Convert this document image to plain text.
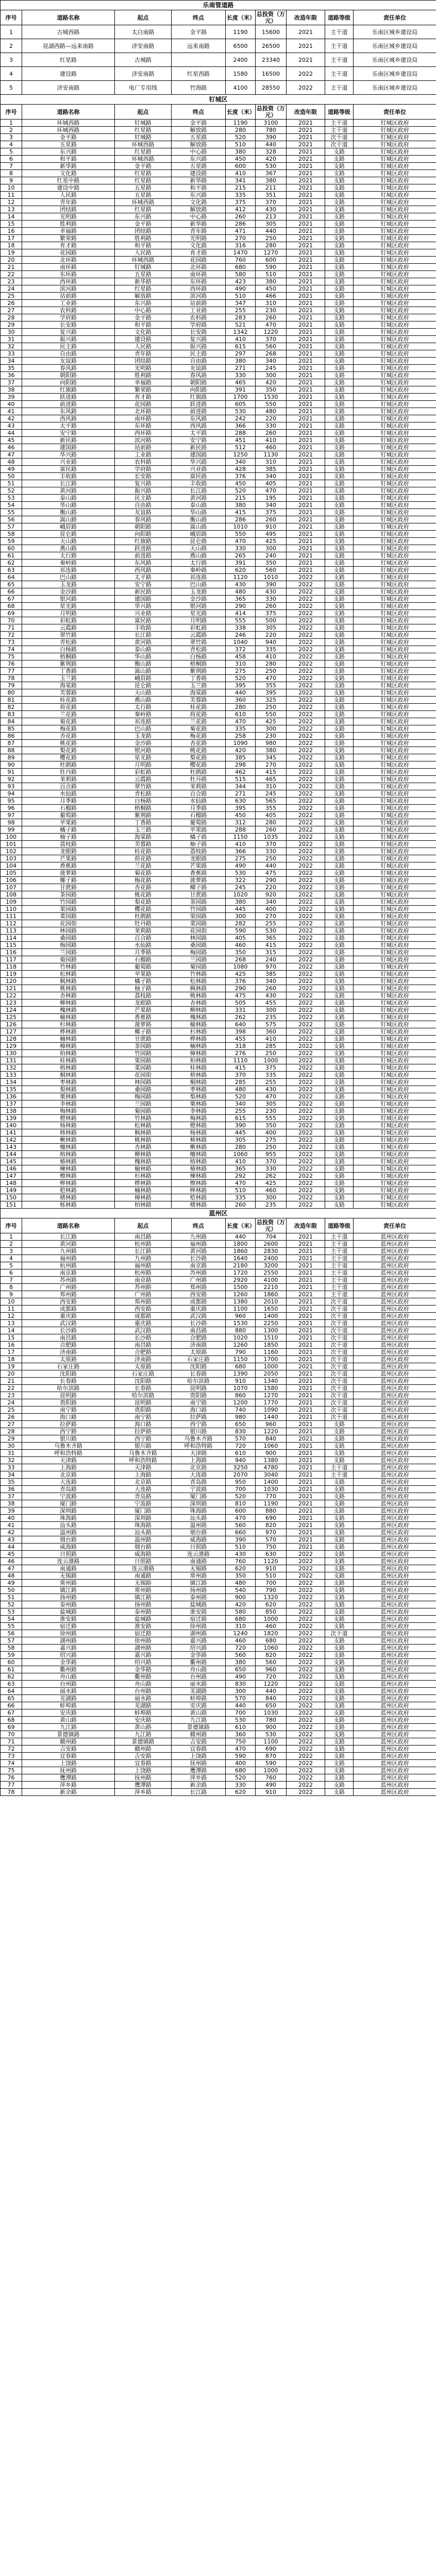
乐南管道路								
序号	道路名称	起点	终点	长度（米）	总投资（万元）	改造年限	道路等级	责任单位
1	古城西路	太白南路	金平路	1190	15600	2021	主干道	乐南区城乡建设局
2	昆湖西路—远来南路	济安南路	远来南路	6500	26500	2021	主干道	乐南区城乡建设局
3	红星路	古城路		2400	23340	2021	主干道	乐南区城乡建设局
4	建设路	济安南路	红星西路	1580	16500	2022	主干道	乐南区城乡建设局
5	济安南路	电厂专用线	竹海路	4100	28550	2022	主干道	乐南区城乡建设局
钉城区								
序号	道路名称	起点	终点	长度（米）	总投资（万元）	改造年限	道路等级	责任单位
1	环城西路	钉城路	金平路	1190	3100	2021	主干道	钉城区政府
2	环城西路	红星路	解放路	280	780	2021	主干道	钉城区政府
3	金平路	钉城路	五星路	520	390	2021	次干道	钉城区政府
4	五星路	环城西路	解放路	510	440	2021	次干道	钉城区政府
5	东兴路	红星路	中心路	380	328	2021	支路	钉城区政府
6	和平路	环城西路	东兴路	450	420	2021	支路	钉城区政府
7	新华路	金平路	五星路	600	530	2021	支路	钉城区政府
8	文化路	红星路	建设路	410	367	2021	支路	钉城区政府
9	红星中路	红星路	新华路	341	380	2021	支路	钉城区政府
10	建设中路	五星路	和平路	215	211	2021	支路	钉城区政府
11	人民路	五星路	东兴路	335	351	2021	支路	钉城区政府
12	青年路	环城西路	文化路	375	370	2021	支路	钉城区政府
13	团结路	红星路	解放路	412	430	2021	支路	钉城区政府
14	光明路	东兴路	中心路	260	213	2021	支路	钉城区政府
15	胜利路	金平路	新华路	286	305	2021	支路	钉城区政府
16	幸福路	团结路	青年路	471	440	2021	支路	钉城区政府
17	繁荣路	胜利路	光明路	270	250	2021	支路	钉城区政府
18	育才路	和平路	文化路	316	280	2021	支路	钉城区政府
19	花园路	人民路	育才路	1470	1270	2021	支路	钉城区政府
20	北环路	环城西路	花园路	760	600	2021	支路	钉城区政府
21	南环路	钉城路	北环路	680	590	2021	支路	钉城区政府
22	东环路	五星路	南环路	580	510	2021	支路	钉城区政府
23	西环路	新华路	东环路	423	380	2021	支路	钉城区政府
24	滨河路	红星路	西环路	490	450	2021	支路	钉城区政府
25	站前路	解放路	滨河路	510	466	2021	支路	钉城区政府
26	工业路	东兴路	站前路	347	310	2021	支路	钉城区政府
27	农科路	中心路	工业路	255	230	2021	支路	钉城区政府
28	学府路	金平路	农科路	283	260	2021	支路	钉城区政府
29	长安路	和平路	学府路	521	470	2021	支路	钉城区政府
30	复兴路	文化路	长安路	1342	1220	2021	支路	钉城区政府
31	振兴路	建设路	复兴路	410	370	2021	支路	钉城区政府
32	民主路	人民路	振兴路	615	560	2021	支路	钉城区政府
33	自由路	青年路	民主路	297	268	2021	支路	钉城区政府
34	友谊路	团结路	自由路	380	340	2021	支路	钉城区政府
35	春风路	光明路	友谊路	271	245	2021	支路	钉城区政府
36	朝阳路	胜利路	春风路	330	300	2021	支路	钉城区政府
37	向阳路	幸福路	朝阳路	465	420	2021	支路	钉城区政府
38	红旗路	繁荣路	向阳路	391	350	2021	支路	钉城区政府
39	跃进路	育才路	红旗路	1700	1530	2021	支路	钉城区政府
40	前进路	花园路	跃进路	605	550	2021	支路	钉城区政府
41	东风路	北环路	前进路	530	480	2021	支路	钉城区政府
42	西风路	南环路	东风路	242	220	2021	支路	钉城区政府
43	太平路	东环路	西风路	366	330	2021	支路	钉城区政府
44	安宁路	西环路	太平路	288	260	2021	支路	钉城区政府
45	新民路	滨河路	安宁路	451	410	2021	支路	钉城区政府
46	建国路	站前路	新民路	512	460	2021	支路	钉城区政府
47	华兴路	工业路	建国路	1250	1130	2021	支路	钉城区政府
48	兴业路	农科路	华兴路	340	310	2021	支路	钉城区政府
49	富民路	学府路	兴业路	428	385	2021	支路	钉城区政府
50	丰收路	长安路	富民路	376	340	2021	支路	钉城区政府
51	长江路	复兴路	丰收路	450	405	2021	支路	钉城区政府
52	黄河路	振兴路	长江路	520	470	2021	支路	钉城区政府
53	泰山路	民主路	黄河路	215	195	2021	支路	钉城区政府
54	华山路	自由路	泰山路	380	340	2021	支路	钉城区政府
55	衡山路	友谊路	华山路	415	375	2021	支路	钉城区政府
56	嵩山路	春风路	衡山路	286	260	2021	支路	钉城区政府
57	峨眉路	朝阳路	嵩山路	1010	910	2021	支路	钉城区政府
58	昆仑路	向阳路	峨眉路	550	495	2021	支路	钉城区政府
59	天山路	红旗路	昆仑路	470	425	2021	支路	钉城区政府
60	燕山路	跃进路	天山路	330	300	2021	支路	钉城区政府
61	太行路	前进路	燕山路	265	240	2021	支路	钉城区政府
62	秦岭路	东风路	太行路	391	350	2021	支路	钉城区政府
63	祁连路	西风路	秦岭路	620	560	2021	支路	钉城区政府
64	巴山路	太平路	祁连路	1120	1010	2022	支路	钉城区政府
65	玉龙路	安宁路	巴山路	430	390	2022	支路	钉城区政府
66	金沙路	新民路	玉龙路	480	430	2022	支路	钉城区政府
67	银河路	建国路	金沙路	365	330	2022	支路	钉城区政府
68	星光路	华兴路	银河路	290	260	2022	支路	钉城区政府
69	月明路	兴业路	星光路	414	375	2022	支路	钉城区政府
70	彩虹路	富民路	月明路	555	500	2022	支路	钉城区政府
71	云霞路	丰收路	彩虹路	338	305	2022	支路	钉城区政府
72	翠竹路	长江路	云霞路	246	220	2022	支路	钉城区政府
73	青松路	黄河路	翠竹路	1040	940	2022	支路	钉城区政府
74	白杨路	泰山路	青松路	372	335	2022	支路	钉城区政府
75	梧桐路	华山路	白杨路	458	410	2022	支路	钉城区政府
76	紫荆路	衡山路	梧桐路	310	280	2022	支路	钉城区政府
77	丁香路	嵩山路	紫荆路	275	250	2022	支路	钉城区政府
78	玉兰路	峨眉路	丁香路	520	470	2022	支路	钉城区政府
79	海棠路	昆仑路	玉兰路	395	355	2022	支路	钉城区政府
80	芙蓉路	天山路	海棠路	440	395	2022	支路	钉城区政府
81	桂花路	燕山路	芙蓉路	360	325	2022	支路	钉城区政府
82	荷花路	太行路	桂花路	280	250	2022	支路	钉城区政府
83	兰花路	秦岭路	荷花路	610	550	2022	支路	钉城区政府
84	菊花路	祁连路	兰花路	470	425	2022	支路	钉城区政府
85	梅花路	巴山路	菊花路	335	300	2022	支路	钉城区政府
86	杏花路	玉龙路	梅花路	258	230	2022	支路	钉城区政府
87	桃花路	金沙路	杏花路	1090	980	2022	支路	钉城区政府
88	梨花路	银河路	桃花路	420	380	2022	支路	钉城区政府
89	樱花路	星光路	梨花路	385	345	2022	支路	钉城区政府
90	杜鹃路	月明路	樱花路	298	270	2022	支路	钉城区政府
91	牡丹路	彩虹路	杜鹃路	462	415	2022	支路	钉城区政府
92	茉莉路	云霞路	牡丹路	515	465	2022	支路	钉城区政府
93	百合路	翠竹路	茉莉路	344	310	2022	支路	钉城区政府
94	水仙路	青松路	百合路	271	245	2022	支路	钉城区政府
95	月季路	白杨路	水仙路	630	565	2022	支路	钉城区政府
96	石榴路	梧桐路	月季路	395	355	2022	支路	钉城区政府
97	葡萄路	紫荆路	石榴路	450	405	2022	支路	钉城区政府
98	苹果路	丁香路	葡萄路	312	280	2022	支路	钉城区政府
99	橘子路	玉兰路	苹果路	288	260	2022	支路	钉城区政府
100	柚子路	海棠路	橘子路	1150	1035	2022	支路	钉城区政府
101	荔枝路	芙蓉路	柚子路	410	370	2022	支路	钉城区政府
102	龙眼路	桂花路	荔枝路	366	330	2022	支路	钉城区政府
103	芒果路	荷花路	龙眼路	275	250	2022	支路	钉城区政府
104	香蕉路	兰花路	芒果路	490	440	2022	支路	钉城区政府
105	菠萝路	菊花路	香蕉路	530	475	2022	支路	钉城区政府
106	椰子路	梅花路	菠萝路	322	290	2022	支路	钉城区政府
107	甘蔗路	杏花路	椰子路	245	220	2022	支路	钉城区政府
108	茶园路	桃花路	甘蔗路	1020	920	2022	支路	钉城区政府
109	竹园路	梨花路	茶园路	380	340	2022	支路	钉城区政府
110	果园路	樱花路	竹园路	445	400	2022	支路	钉城区政府
111	菜园路	杜鹃路	果园路	300	270	2022	支路	钉城区政府
112	花园街	牡丹路	菜园路	282	255	2022	支路	钉城区政府
113	林园路	茉莉路	花园街	590	530	2022	支路	钉城区政府
114	桑园路	百合路	林园路	405	365	2022	支路	钉城区政府
115	梅园路	水仙路	桑园路	460	415	2022	支路	钉城区政府
116	兰园路	月季路	梅园路	350	315	2022	支路	钉城区政府
117	菊园路	石榴路	兰园路	268	240	2022	支路	钉城区政府
118	竹林路	葡萄路	菊园路	1080	970	2022	支路	钉城区政府
119	松林路	苹果路	竹林路	425	385	2022	支路	钉城区政府
120	枫林路	橘子路	松林路	376	340	2022	支路	钉城区政府
121	桃林路	柚子路	枫林路	290	260	2022	支路	钉城区政府
122	杏林路	荔枝路	桃林路	475	430	2022	支路	钉城区政府
123	柳林路	龙眼路	杏林路	505	455	2022	支路	钉城区政府
124	槐林路	芒果路	柳林路	331	300	2022	支路	钉城区政府
125	榆林路	香蕉路	槐林路	262	235	2022	支路	钉城区政府
126	杉林路	菠萝路	榆林路	640	575	2022	支路	钉城区政府
127	桦林路	椰子路	杉林路	398	360	2022	支路	钉城区政府
128	楠林路	甘蔗路	桦林路	455	410	2022	支路	钉城区政府
129	樟林路	茶园路	楠林路	318	285	2022	支路	钉城区政府
130	柏林路	竹园路	樟林路	276	250	2022	支路	钉城区政府
131	桂林路	果园路	柏林路	1110	1000	2022	支路	钉城区政府
132	梧林路	菜园路	桂林路	415	375	2022	支路	钉城区政府
133	桐林路	花园街	梧林路	370	335	2022	支路	钉城区政府
134	枣林路	林园路	桐林路	285	255	2022	支路	钉城区政府
135	梨林路	桑园路	枣林路	480	430	2022	支路	钉城区政府
136	栗林路	梅园路	梨林路	520	470	2022	支路	钉城区政府
137	李林路	兰园路	栗林路	340	305	2022	支路	钉城区政府
138	梅林路	菊园路	李林路	255	230	2022	支路	钉城区政府
139	橙林路	竹林路	梅林路	615	555	2022	支路	钉城区政府
140	杨林路	松林路	橙林路	390	350	2022	支路	钉城区政府
141	柿林路	枫林路	杨林路	445	400	2022	支路	钉城区政府
142	楸林路	桃林路	柿林路	305	275	2022	支路	钉城区政府
143	檀林路	杏林路	楸林路	280	250	2022	支路	钉城区政府
144	榕林路	柳林路	檀林路	1060	955	2022	支路	钉城区政府
145	椿林路	槐林路	榕林路	410	370	2022	支路	钉城区政府
146	楝林路	榆林路	椿林路	365	330	2022	支路	钉城区政府
147	檫林路	杉林路	楝林路	292	262	2022	支路	钉城区政府
148	榉林路	桦林路	檫林路	470	425	2022	支路	钉城区政府
149	桤林路	楠林路	榉林路	510	460	2022	支路	钉城区政府
150	楮林路	樟林路	桤林路	335	300	2022	支路	钉城区政府
151	栎林路	柏林路	楮林路	260	235	2022	支路	钉城区政府
蓝州区								
序号	道路名称	起点	终点	长度（米）	总投资（万元）	改造年限	道路等级	责任单位
1	长江路	南昌路	九州路	440	704	2021	主干道	蓝州区政府
2	黄河路	杭州路	福州路	1800	2600	2021	主干道	蓝州区政府
3	九州路	长江路	黄河路	1860	2830	2021	主干道	蓝州区政府
4	福州路	九州路	长沙路	1640	2400	2021	主干道	蓝州区政府
5	杭州路	福州路	南京路	2180	3200	2021	主干道	蓝州区政府
6	南京路	杭州路	苏州路	1720	2550	2021	主干道	蓝州区政府
7	苏州路	南京路	广州路	2920	4100	2021	主干道	蓝州区政府
8	广州路	苏州路	郑州路	1500	2210	2021	主干道	蓝州区政府
9	郑州路	广州路	西安路	1260	1860	2021	主干道	蓝州区政府
10	西安路	郑州路	成都路	1380	2010	2021	次干道	蓝州区政府
11	成都路	西安路	重庆路	1100	1650	2021	次干道	蓝州区政府
12	重庆路	成都路	武汉路	960	1400	2021	次干道	蓝州区政府
13	武汉路	重庆路	长沙路	1530	2250	2021	次干道	蓝州区政府
14	长沙路	武汉路	南昌路	880	1300	2021	次干道	蓝州区政府
15	南昌路	长沙路	合肥路	1020	1510	2021	次干道	蓝州区政府
16	合肥路	南昌路	济南路	1260	1850	2021	次干道	蓝州区政府
17	济南路	合肥路	太原路	790	1160	2021	次干道	蓝州区政府
18	太原路	济南路	石家庄路	1150	1700	2021	次干道	蓝州区政府
19	石家庄路	太原路	沈阳路	680	1000	2021	次干道	蓝州区政府
20	沈阳路	石家庄路	长春路	1390	2050	2021	次干道	蓝州区政府
21	长春路	沈阳路	哈尔滨路	910	1340	2021	次干道	蓝州区政府
22	哈尔滨路	长春路	昆明路	1070	1580	2021	次干道	蓝州区政府
23	昆明路	哈尔滨路	贵阳路	860	1270	2021	次干道	蓝州区政府
24	贵阳路	昆明路	南宁路	1200	1770	2021	次干道	蓝州区政府
25	南宁路	贵阳路	海口路	740	1090	2021	次干道	蓝州区政府
26	海口路	南宁路	拉萨路	980	1440	2021	次干道	蓝州区政府
27	拉萨路	海口路	西宁路	650	960	2021	支路	蓝州区政府
28	西宁路	拉萨路	银川路	830	1220	2021	支路	蓝州区政府
29	银川路	西宁路	乌鲁木齐路	570	840	2021	支路	蓝州区政府
30	乌鲁木齐路	银川路	呼和浩特路	720	1060	2021	支路	蓝州区政府
31	呼和浩特路	乌鲁木齐路	天津路	610	900	2021	支路	蓝州区政府
32	天津路	呼和浩特路	上海路	940	1380	2021	支路	蓝州区政府
33	上海路	天津路	北京路	3250	4780	2021	主干道	蓝州区政府
34	北京路	上海路	大连路	2070	3040	2021	主干道	蓝州区政府
35	大连路	北京路	青岛路	950	1400	2021	支路	蓝州区政府
36	青岛路	大连路	宁波路	700	1030	2021	支路	蓝州区政府
37	宁波路	青岛路	厦门路	520	770	2021	支路	蓝州区政府
38	厦门路	宁波路	深圳路	810	1190	2021	支路	蓝州区政府
39	深圳路	厦门路	珠海路	600	880	2021	支路	蓝州区政府
40	珠海路	深圳路	汕头路	470	690	2021	支路	蓝州区政府
41	汕头路	珠海路	温州路	560	820	2021	支路	蓝州区政府
42	温州路	汕头路	烟台路	660	970	2021	支路	蓝州区政府
43	烟台路	温州路	威海路	390	570	2021	支路	蓝州区政府
44	威海路	烟台路	日照路	510	750	2021	支路	蓝州区政府
45	日照路	威海路	连云港路	430	630	2022	支路	蓝州区政府
46	连云港路	日照路	南通路	760	1120	2022	支路	蓝州区政府
47	南通路	连云港路	无锡路	620	910	2022	支路	蓝州区政府
48	无锡路	南通路	常州路	350	510	2022	支路	蓝州区政府
49	常州路	无锡路	镇江路	480	700	2022	支路	蓝州区政府
50	镇江路	常州路	扬州路	540	790	2022	支路	蓝州区政府
51	扬州路	镇江路	泰州路	900	1320	2022	支路	蓝州区政府
52	泰州路	扬州路	盐城路	420	620	2022	支路	蓝州区政府
53	盐城路	泰州路	淮安路	580	850	2022	支路	蓝州区政府
54	淮安路	盐城路	宿迁路	680	1000	2022	支路	蓝州区政府
55	宿迁路	淮安路	徐州路	310	460	2022	支路	蓝州区政府
56	徐州路	宿迁路	湖州路	1240	1820	2022	次干道	蓝州区政府
57	湖州路	徐州路	嘉兴路	460	680	2022	支路	蓝州区政府
58	嘉兴路	湖州路	绍兴路	720	1060	2022	支路	蓝州区政府
59	绍兴路	嘉兴路	金华路	560	820	2022	支路	蓝州区政府
60	金华路	绍兴路	衢州路	380	560	2022	支路	蓝州区政府
61	衢州路	金华路	舟山路	650	960	2022	支路	蓝州区政府
62	舟山路	衢州路	台州路	490	720	2022	支路	蓝州区政府
63	台州路	舟山路	丽水路	830	1220	2022	支路	蓝州区政府
64	丽水路	台州路	芜湖路	300	440	2022	支路	蓝州区政府
65	芜湖路	丽水路	蚌埠路	570	840	2022	支路	蓝州区政府
66	蚌埠路	芜湖路	安庆路	440	650	2022	支路	蓝州区政府
67	安庆路	蚌埠路	黄山路	700	1030	2022	支路	蓝州区政府
68	黄山路	安庆路	九江路	530	780	2022	支路	蓝州区政府
69	九江路	黄山路	景德镇路	610	900	2022	支路	蓝州区政府
70	景德镇路	九江路	赣州路	360	530	2022	支路	蓝州区政府
71	赣州路	景德镇路	吉安路	750	1100	2022	支路	蓝州区政府
72	吉安路	赣州路	宜春路	470	690	2022	支路	蓝州区政府
73	宜春路	吉安路	上饶路	590	870	2022	支路	蓝州区政府
74	上饶路	宜春路	抚州路	400	590	2022	支路	蓝州区政府
75	抚州路	上饶路	鹰潭路	680	1000	2022	支路	蓝州区政府
76	鹰潭路	抚州路	萍乡路	520	760	2022	支路	蓝州区政府
77	萍乡路	鹰潭路	新余路	330	490	2022	支路	蓝州区政府
78	新余路	萍乡路	长江路	620	910	2022	支路	蓝州区政府
